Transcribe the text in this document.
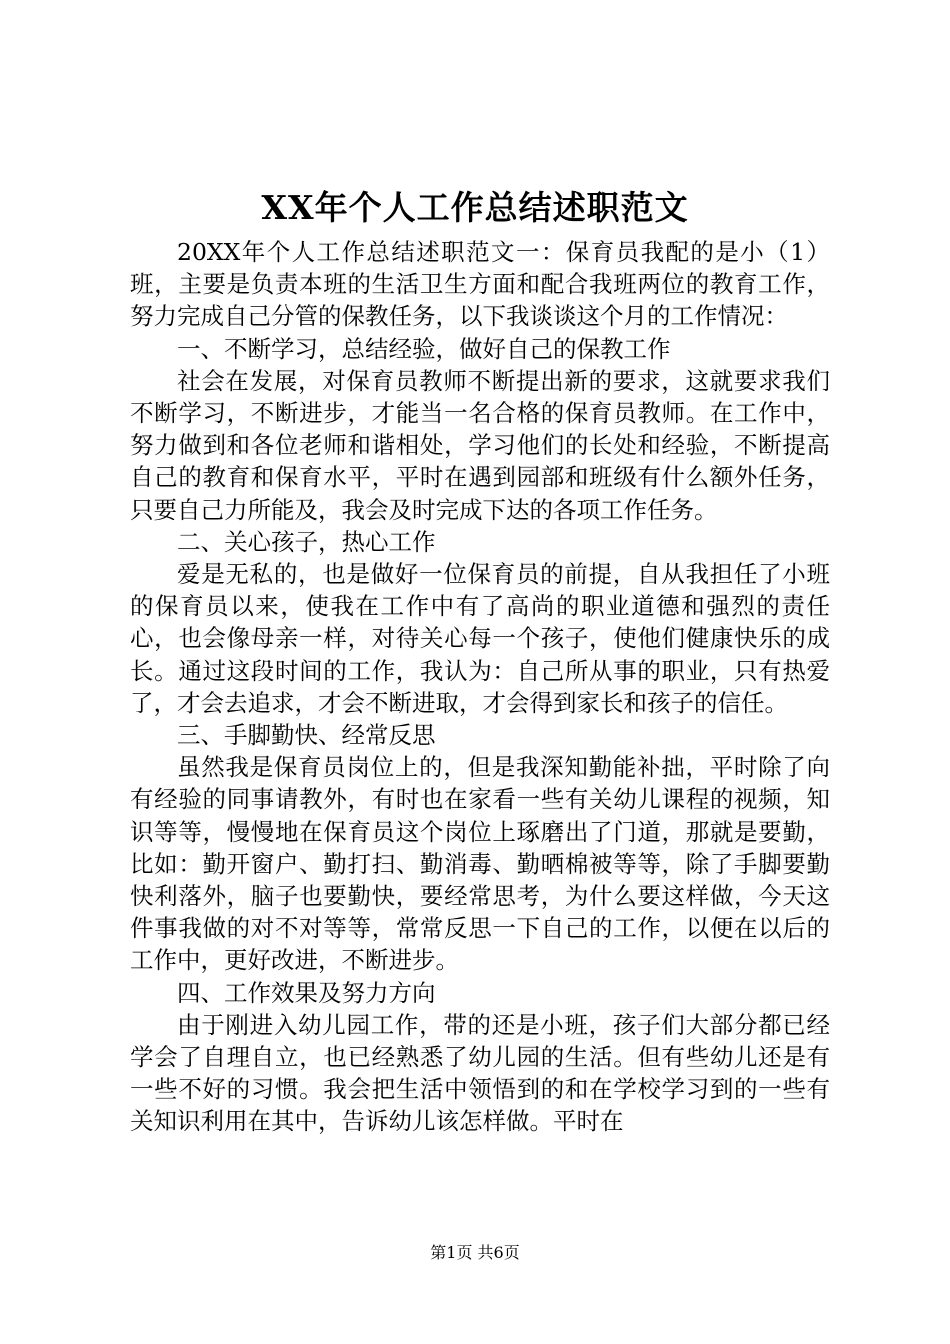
XX年个人工作总结述职范文

20XX年个人工作总结述职范文一：保育员我配的是小（1）班，主要是负责本班的生活卫生方面和配合我班两位的教育工作，努力完成自己分管的保教任务，以下我谈谈这个月的工作情况：

一、不断学习，总结经验，做好自己的保教工作

社会在发展，对保育员教师不断提出新的要求，这就要求我们不断学习，不断进步，才能当一名合格的保育员教师。在工作中，努力做到和各位老师和谐相处，学习他们的长处和经验，不断提高自己的教育和保育水平，平时在遇到园部和班级有什么额外任务，只要自己力所能及，我会及时完成下达的各项工作任务。

二、关心孩子，热心工作

爱是无私的，也是做好一位保育员的前提，自从我担任了小班的保育员以来，使我在工作中有了高尚的职业道德和强烈的责任心，也会像母亲一样，对待关心每一个孩子，使他们健康快乐的成长。通过这段时间的工作，我认为：自己所从事的职业，只有热爱了，才会去追求，才会不断进取，才会得到家长和孩子的信任。

三、手脚勤快、经常反思

虽然我是保育员岗位上的，但是我深知勤能补拙，平时除了向有经验的同事请教外，有时也在家看一些有关幼儿课程的视频，知识等等，慢慢地在保育员这个岗位上琢磨出了门道，那就是要勤，比如：勤开窗户、勤打扫、勤消毒、勤晒棉被等等，除了手脚要勤快利落外，脑子也要勤快，要经常思考，为什么要这样做，今天这件事我做的对不对等等，常常反思一下自己的工作，以便在以后的工作中，更好改进，不断进步。

四、工作效果及努力方向

由于刚进入幼儿园工作，带的还是小班，孩子们大部分都已经学会了自理自立，也已经熟悉了幼儿园的生活。但有些幼儿还是有一些不好的习惯。我会把生活中领悟到的和在学校学习到的一些有关知识利用在其中，告诉幼儿该怎样做。平时在

第1页 共6页
